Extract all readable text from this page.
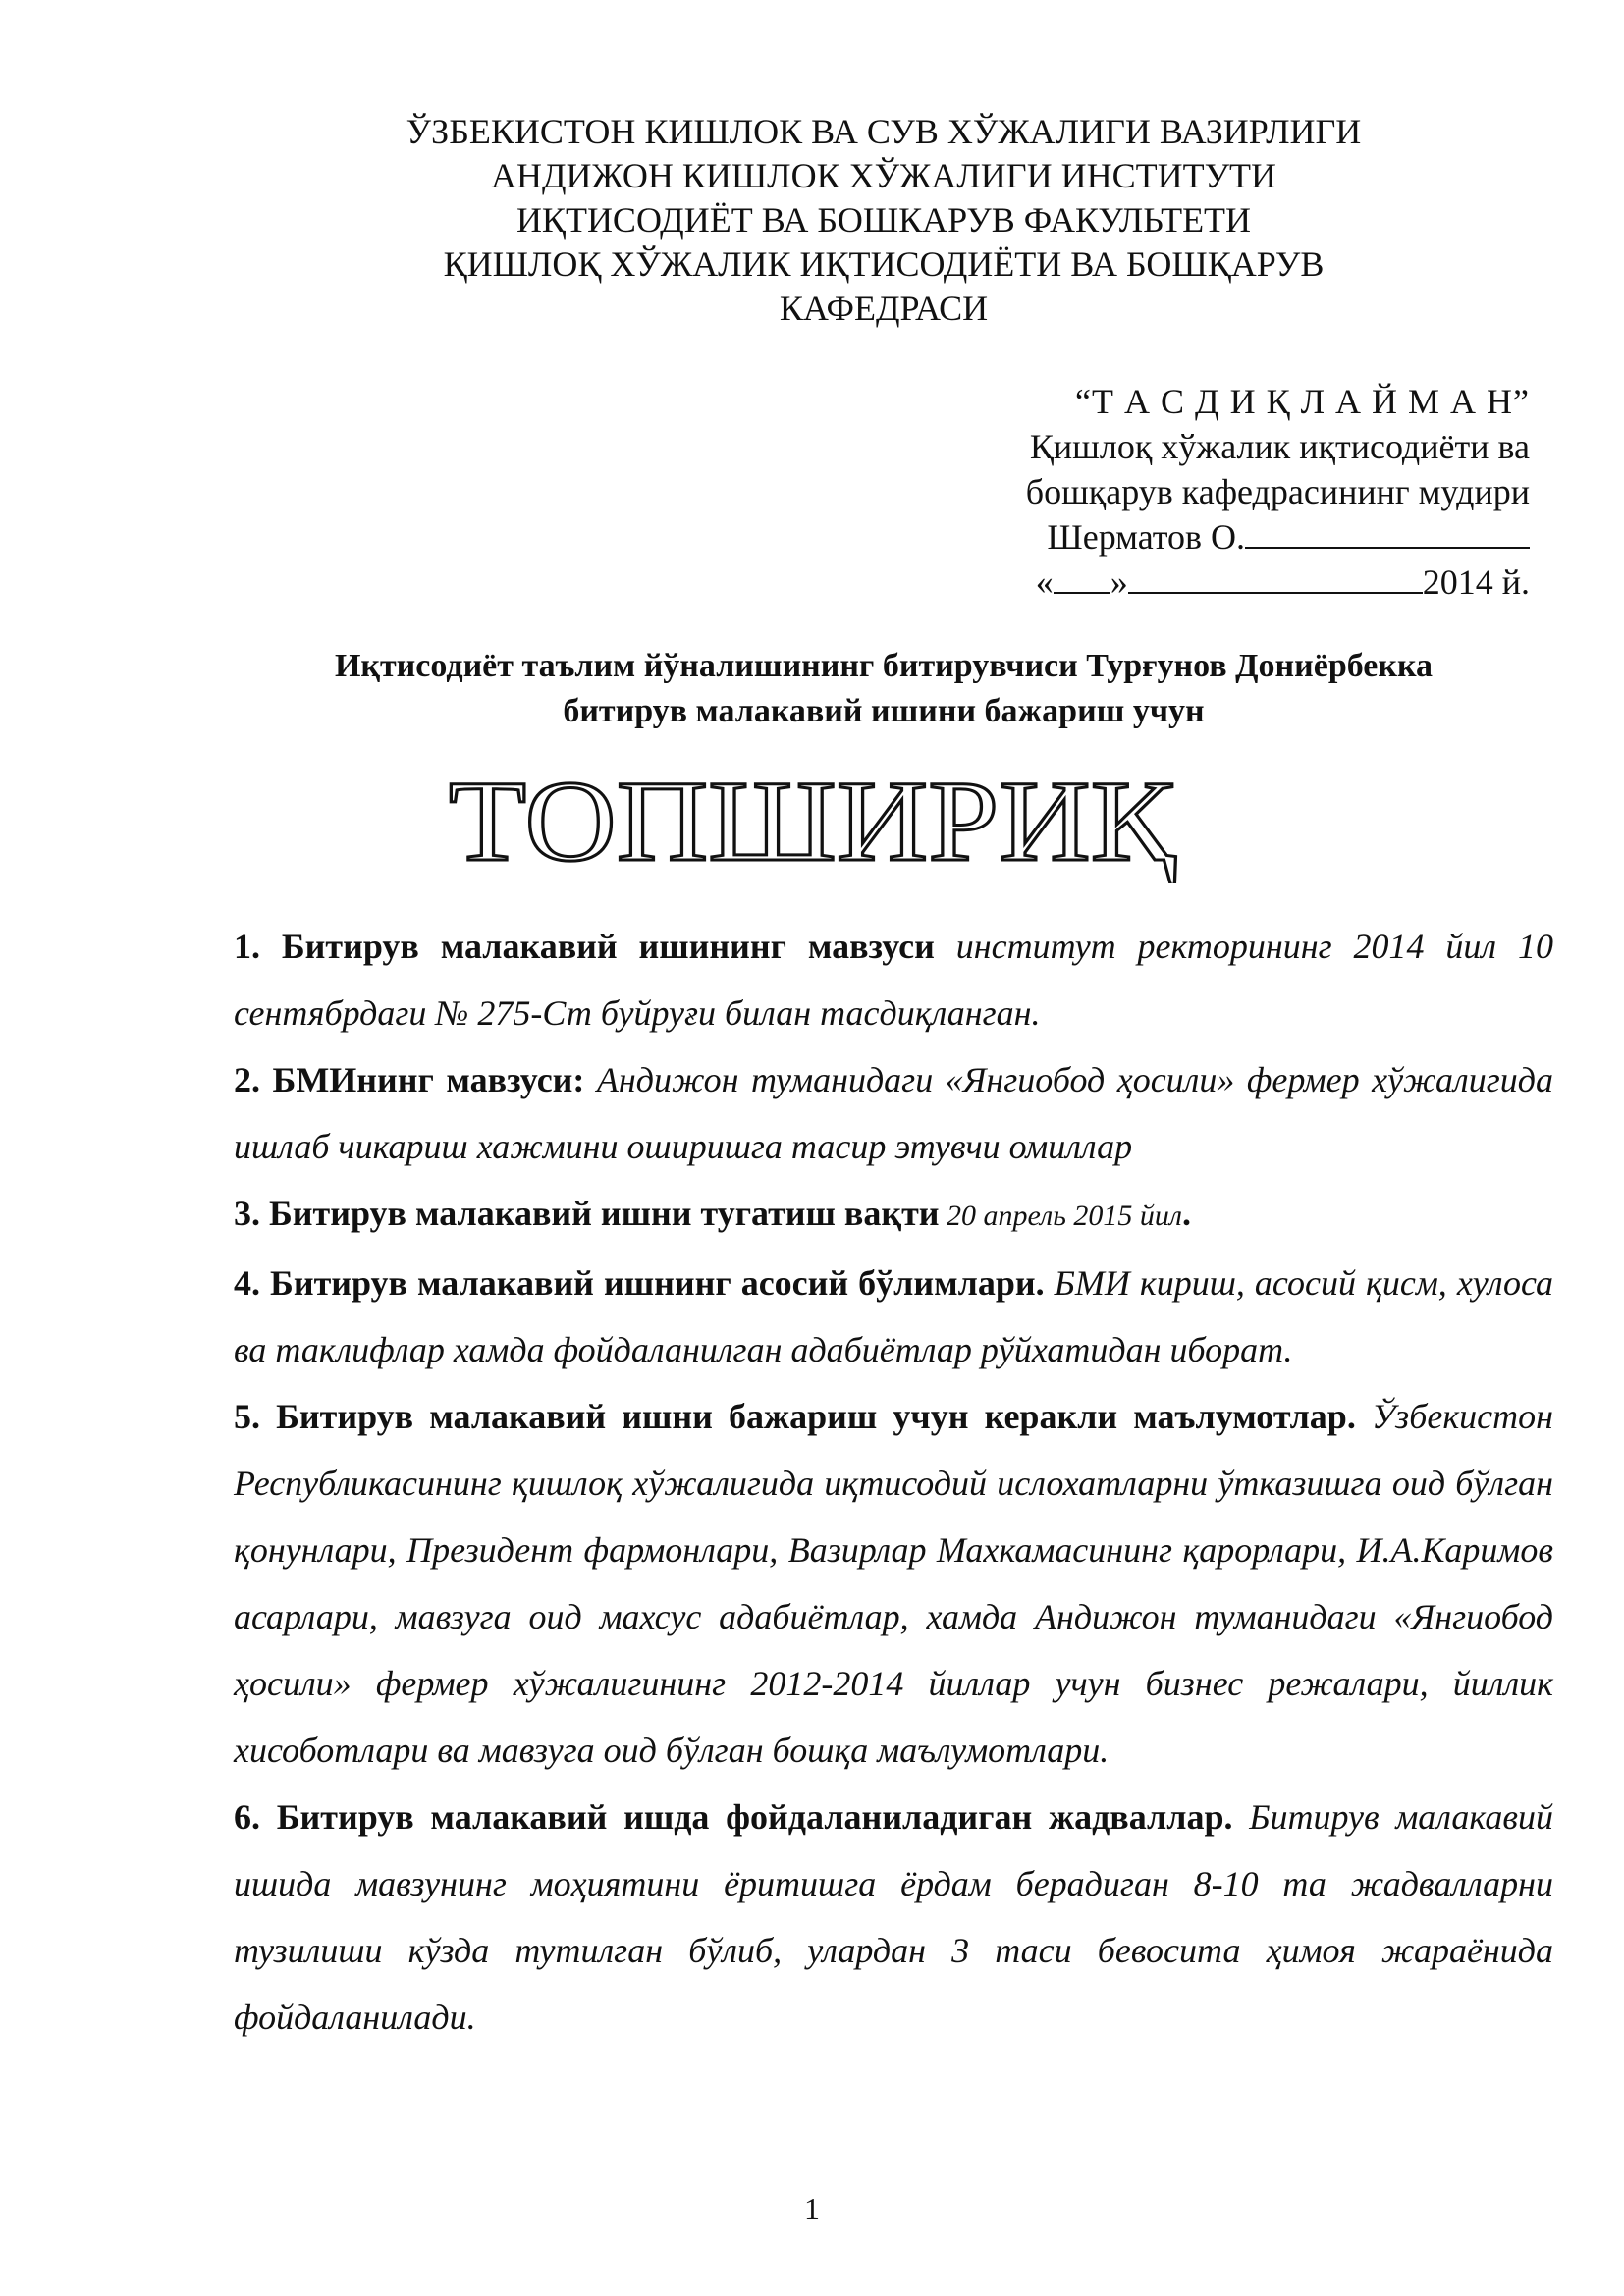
ЎЗБЕКИСТОН КИШЛОК ВА СУВ ХЎЖАЛИГИ ВАЗИРЛИГИ
АНДИЖОН КИШЛОК ХЎЖАЛИГИ ИНСТИТУТИ
ИҚТИСОДИЁТ ВА БОШКАРУВ ФАКУЛЬТЕТИ
ҚИШЛОҚ ХЎЖАЛИК ИҚТИСОДИЁТИ ВА БОШҚАРУВ
КАФЕДРАСИ
“Т А С Д И Қ Л А Й М А Н”
Қишлоқ хўжалик иқтисодиёти ва
бошқарув кафедрасининг мудири
Шерматов О.
« »	2014 й.
Иқтисодиёт таълим йўналишининг битирувчиси Турғунов Дониёрбекка
битирув малакавий ишини бажариш учун
ТОПШИРИҚ

1. Битирув малакавий ишининг мавзуси институт ректорининг 2014 йил 10 сентябрдаги № 275-Ст буйруғи билан тасдиқланган.

2. БМИнинг мавзуси: Андижон туманидаги «Янгиобод ҳосили» фермер хўжалигида ишлаб чикариш хажмини оширишга тасир этувчи омиллар

3. Битирув малакавий ишни тугатиш вақти 20 апрель 2015 йил.

4. Битирув малакавий ишнинг асосий бўлимлари. БМИ кириш, асосий қисм, хулоса ва таклифлар хамда фойдаланилган адабиётлар рўйхатидан иборат.

5. Битирув малакавий ишни бажариш учун керакли маълумотлар. Ўзбекистон Республикасининг қишлоқ хўжалигида иқтисодий ислохатларни ўтказишга оид бўлган қонунлари, Президент фармонлари, Вазирлар Махкамасининг қарорлари, И.А.Каримов асарлари, мавзуга оид махсус адабиётлар, хамда Андижон туманидаги «Янгиобод ҳосили» фермер хўжалигининг 2012-2014 йиллар учун бизнес режалари, йиллик хисоботлари ва мавзуга оид бўлган бошқа маълумотлари.

6. Битирув малакавий ишда фойдаланиладиган жадваллар. Битирув малакавий ишида мавзунинг моҳиятини ёритишга ёрдам берадиган 8-10 та жадвалларни тузилиши кўзда тутилган бўлиб, улардан 3 таси бевосита ҳимоя жараёнида фойдаланилади.

1
